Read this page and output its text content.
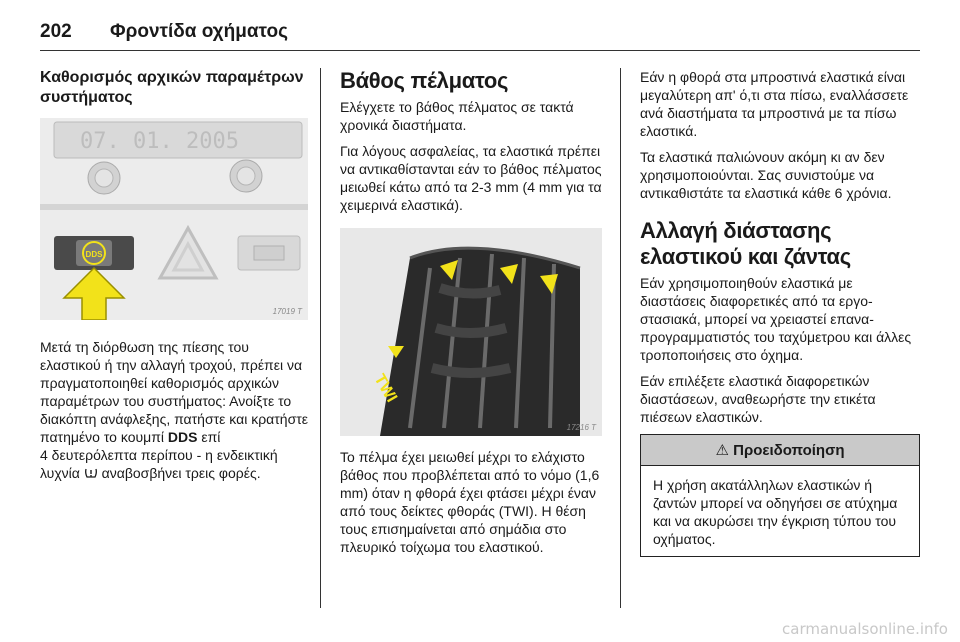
202	Φροντίδα οχήματος
Καθορισμός αρχικών παραμέτρων συστήματος
07. 01. 2005
DDS
17019 T

Μετά τη διόρθωση της πίεσης του ελαστικού ή την αλλαγή τροχού, πρέπει να πραγματοποιηθεί καθορισμός αρχικών παραμέτρων του συστήματος: Ανοίξτε το διακόπτη ανάφλεξης, πατήστε και κρατήστε πατημένο το κουμπί DDS επί
4 δευτερόλεπτα περίπου - η ενδεικτική λυχνία αναβοσβήνει τρεις φορές.

Βάθος πέλματος

Ελέγχετε το βάθος πέλματος σε τακτά χρονικά διαστήματα.

Για λόγους ασφαλείας, τα ελαστικά πρέπει να αντικαθίστανται εάν το βάθος πέλματος μειωθεί κάτω από τα 2-3 mm (4 mm για τα χειμερινά ελαστικά).

TWI
17216 T

Το πέλμα έχει μειωθεί μέχρι το ελάχιστο βάθος που προβλέπεται από το νόμο (1,6 mm) όταν η φθορά έχει φτάσει μέχρι έναν από τους δείκτες φθοράς (TWI). Η θέση τους επισημαίνεται από σημάδια στο πλευρικό τοίχωμα του ελαστικού.

Εάν η φθορά στα μπροστινά ελαστικά είναι μεγαλύτερη απ' ό,τι στα πίσω, εναλλάσσετε ανά διαστήματα τα μπροστινά με τα πίσω ελαστικά.

Τα ελαστικά παλιώνουν ακόμη κι αν δεν χρησιμοποιούνται. Σας συνιστούμε να αντικαθιστάτε τα ελαστικά κάθε 6 χρόνια.

Αλλαγή διάστασης ελαστικού και ζάντας

Εάν χρησιμοποιηθούν ελαστικά με διαστάσεις διαφορετικές από τα εργοστασιακά, μπορεί να χρειαστεί επαναπρογραμματιστός του ταχύμετρου και άλλες τροποποιήσεις στο όχημα.

Εάν επιλέξετε ελαστικά διαφορετικών διαστάσεων, αναθεωρήστε την ετικέτα πιέσεων ελαστικών.

⚠ Προειδοποίηση

Η χρήση ακατάλληλων ελαστικών ή ζαντών μπορεί να οδηγήσει σε ατύχημα και να ακυρώσει την έγκριση τύπου του οχήματος.

carmanualsonline.info
